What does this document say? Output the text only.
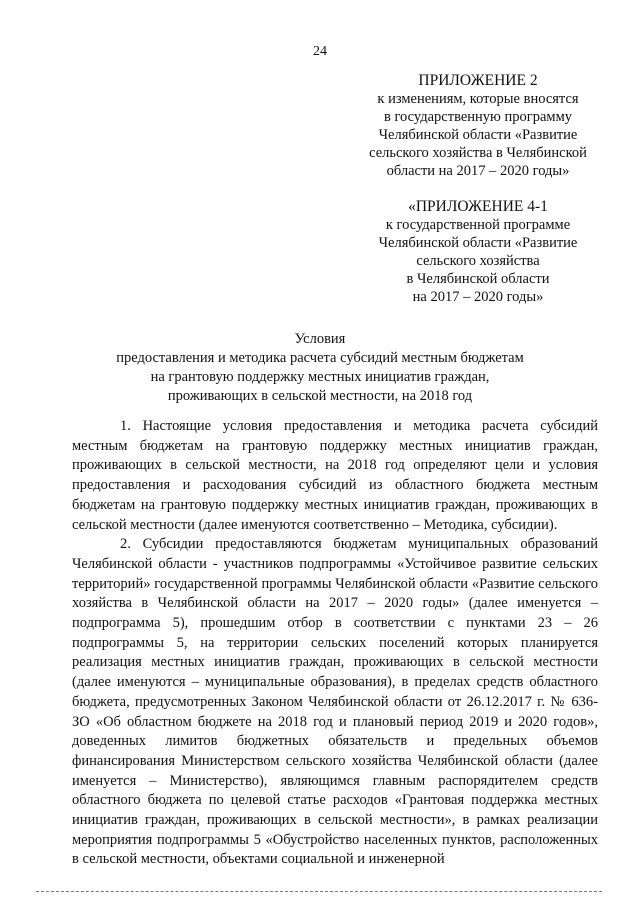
24
ПРИЛОЖЕНИЕ 2
к изменениям, которые вносятся
в государственную программу
Челябинской области «Развитие
сельского хозяйства в Челябинской
области на 2017 – 2020 годы»
«ПРИЛОЖЕНИЕ 4-1
к государственной программе
Челябинской области «Развитие
сельского хозяйства
в Челябинской области
на 2017 – 2020 годы»
Условия
предоставления и методика расчета субсидий местным бюджетам
на грантовую поддержку местных инициатив граждан,
проживающих в сельской местности, на 2018 год

1. Настоящие условия предоставления и методика расчета субсидий местным бюджетам на грантовую поддержку местных инициатив граждан, проживающих в сельской местности, на 2018 год определяют цели и условия предоставления и расходования субсидий из областного бюджета местным бюджетам на грантовую поддержку местных инициатив граждан, проживающих в сельской местности (далее именуются соответственно – Методика, субсидии).

2. Субсидии предоставляются бюджетам муниципальных образований Челябинской области - участников подпрограммы «Устойчивое развитие сельских территорий» государственной программы Челябинской области «Развитие сельского хозяйства в Челябинской области на 2017 – 2020 годы» (далее именуется – подпрограмма 5), прошедшим отбор в соответствии с пунктами 23 – 26 подпрограммы 5, на территории сельских поселений которых планируется реализация местных инициатив граждан, проживающих в сельской местности (далее именуются – муниципальные образования), в пределах средств областного бюджета, предусмотренных Законом Челябинской области от 26.12.2017 г. № 636-ЗО «Об областном бюджете на 2018 год и плановый период 2019 и 2020 годов», доведенных лимитов бюджетных обязательств и предельных объемов финансирования Министерством сельского хозяйства Челябинской области (далее именуется – Министерство), являющимся главным распорядителем средств областного бюджета по целевой статье расходов «Грантовая поддержка местных инициатив граждан, проживающих в сельской местности», в рамках реализации мероприятия подпрограммы 5 «Обустройство населенных пунктов, расположенных в сельской местности, объектами социальной и инженерной
